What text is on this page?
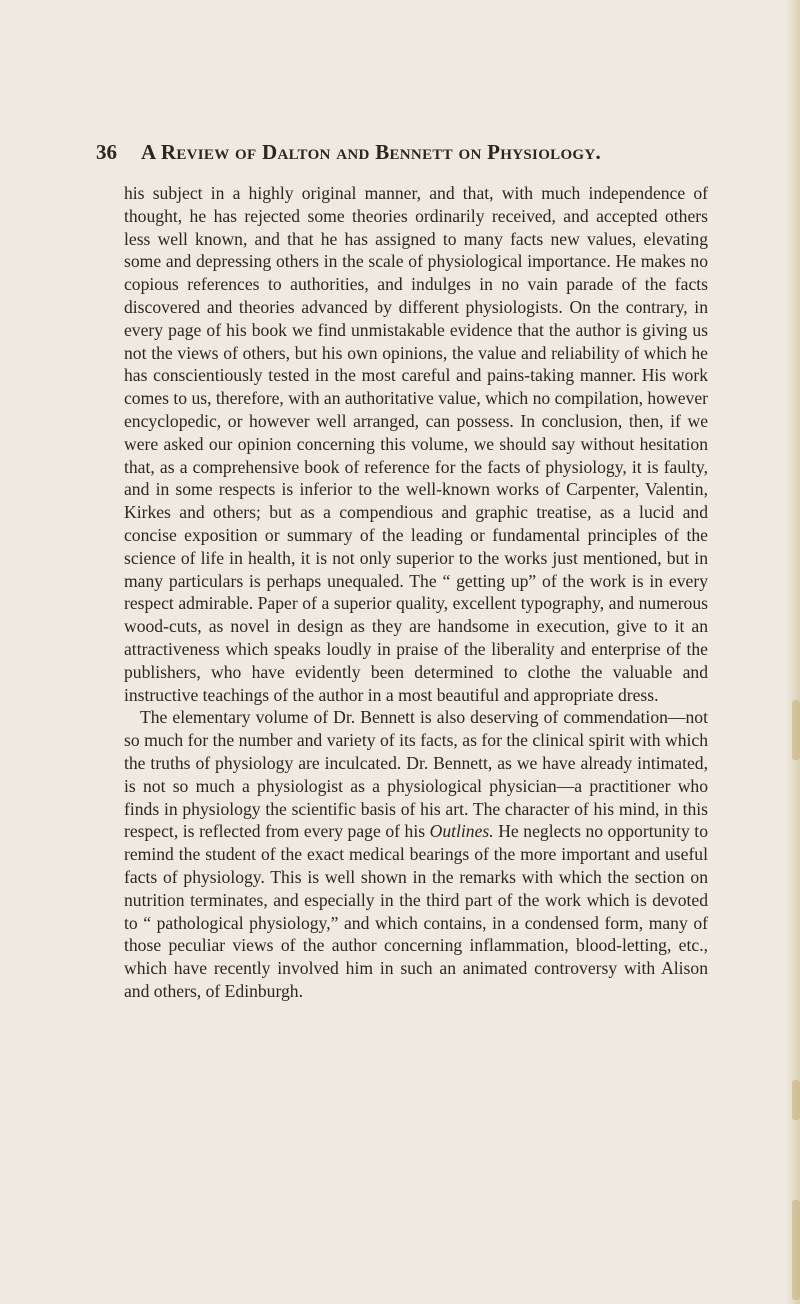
36 A Review of Dalton and Bennett on Physiology.

his subject in a highly original manner, and that, with much independence of thought, he has rejected some theories ordinarily received, and accepted others less well known, and that he has assigned to many facts new values, elevating some and depressing others in the scale of physiological importance. He makes no copious references to authorities, and indulges in no vain parade of the facts discovered and theories advanced by different physiologists. On the contrary, in every page of his book we find unmistakable evidence that the author is giving us not the views of others, but his own opinions, the value and reliability of which he has conscientiously tested in the most careful and pains-taking manner. His work comes to us, therefore, with an authoritative value, which no compilation, however encyclopedic, or however well arranged, can possess. In conclusion, then, if we were asked our opinion concerning this volume, we should say without hesitation that, as a comprehensive book of reference for the facts of physiology, it is faulty, and in some respects is inferior to the well-known works of Carpenter, Valentin, Kirkes and others; but as a compendious and graphic treatise, as a lucid and concise exposition or summary of the leading or fundamental principles of the science of life in health, it is not only superior to the works just mentioned, but in many particulars is perhaps unequaled. The “ getting up” of the work is in every respect admirable. Paper of a superior quality, excellent typography, and numerous wood-cuts, as novel in design as they are handsome in execution, give to it an attractiveness which speaks loudly in praise of the liberality and enterprise of the publishers, who have evidently been determined to clothe the valuable and instructive teachings of the author in a most beautiful and appropriate dress.

The elementary volume of Dr. Bennett is also deserving of commendation—not so much for the number and variety of its facts, as for the clinical spirit with which the truths of physiology are inculcated. Dr. Bennett, as we have already intimated, is not so much a physiologist as a physiological physician—a practitioner who finds in physiology the scientific basis of his art. The character of his mind, in this respect, is reflected from every page of his Outlines. He neglects no opportunity to remind the student of the exact medical bearings of the more important and useful facts of physiology. This is well shown in the remarks with which the section on nutrition terminates, and especially in the third part of the work which is devoted to “ pathological physiology,” and which contains, in a condensed form, many of those peculiar views of the author concerning inflammation, blood-letting, etc., which have recently involved him in such an animated controversy with Alison and others, of Edinburgh.
